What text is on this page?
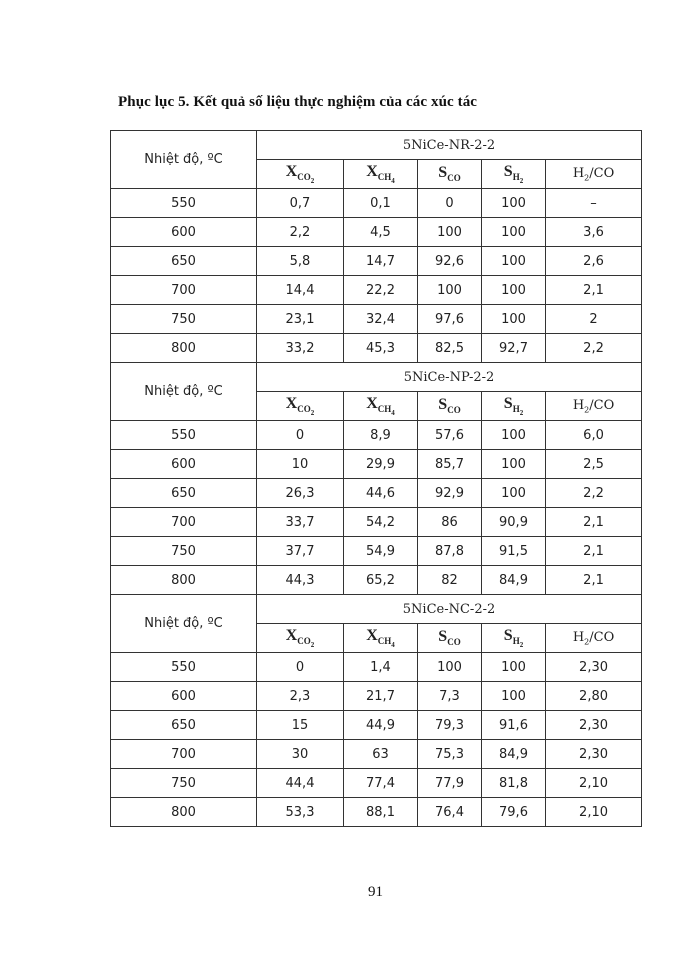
Phục lục 5. Kết quả số liệu thực nghiệm của các xúc tác
Nhiệt độ, ºC	5NiCe-NR-2-2				
	$X_{CO_2}$	$X_{CH_4}$	$S_{CO}$	$S_{H_2}$	$H_2/CO$
550	0,7	0,1	0	100	–
600	2,2	4,5	100	100	3,6
650	5,8	14,7	92,6	100	2,6
700	14,4	22,2	100	100	2,1
750	23,1	32,4	97,6	100	2
800	33,2	45,3	82,5	92,7	2,2
Nhiệt độ, ºC	5NiCe-NP-2-2				
	$X_{CO_2}$	$X_{CH_4}$	$S_{CO}$	$S_{H_2}$	$H_2/CO$
550	0	8,9	57,6	100	6,0
600	10	29,9	85,7	100	2,5
650	26,3	44,6	92,9	100	2,2
700	33,7	54,2	86	90,9	2,1
750	37,7	54,9	87,8	91,5	2,1
800	44,3	65,2	82	84,9	2,1
Nhiệt độ, ºC	5NiCe-NC-2-2				
	$X_{CO_2}$	$X_{CH_4}$	$S_{CO}$	$S_{H_2}$	$H_2/CO$
550	0	1,4	100	100	2,30
600	2,3	21,7	7,3	100	2,80
650	15	44,9	79,3	91,6	2,30
700	30	63	75,3	84,9	2,30
750	44,4	77,4	77,9	81,8	2,10
800	53,3	88,1	76,4	79,6	2,10
91
